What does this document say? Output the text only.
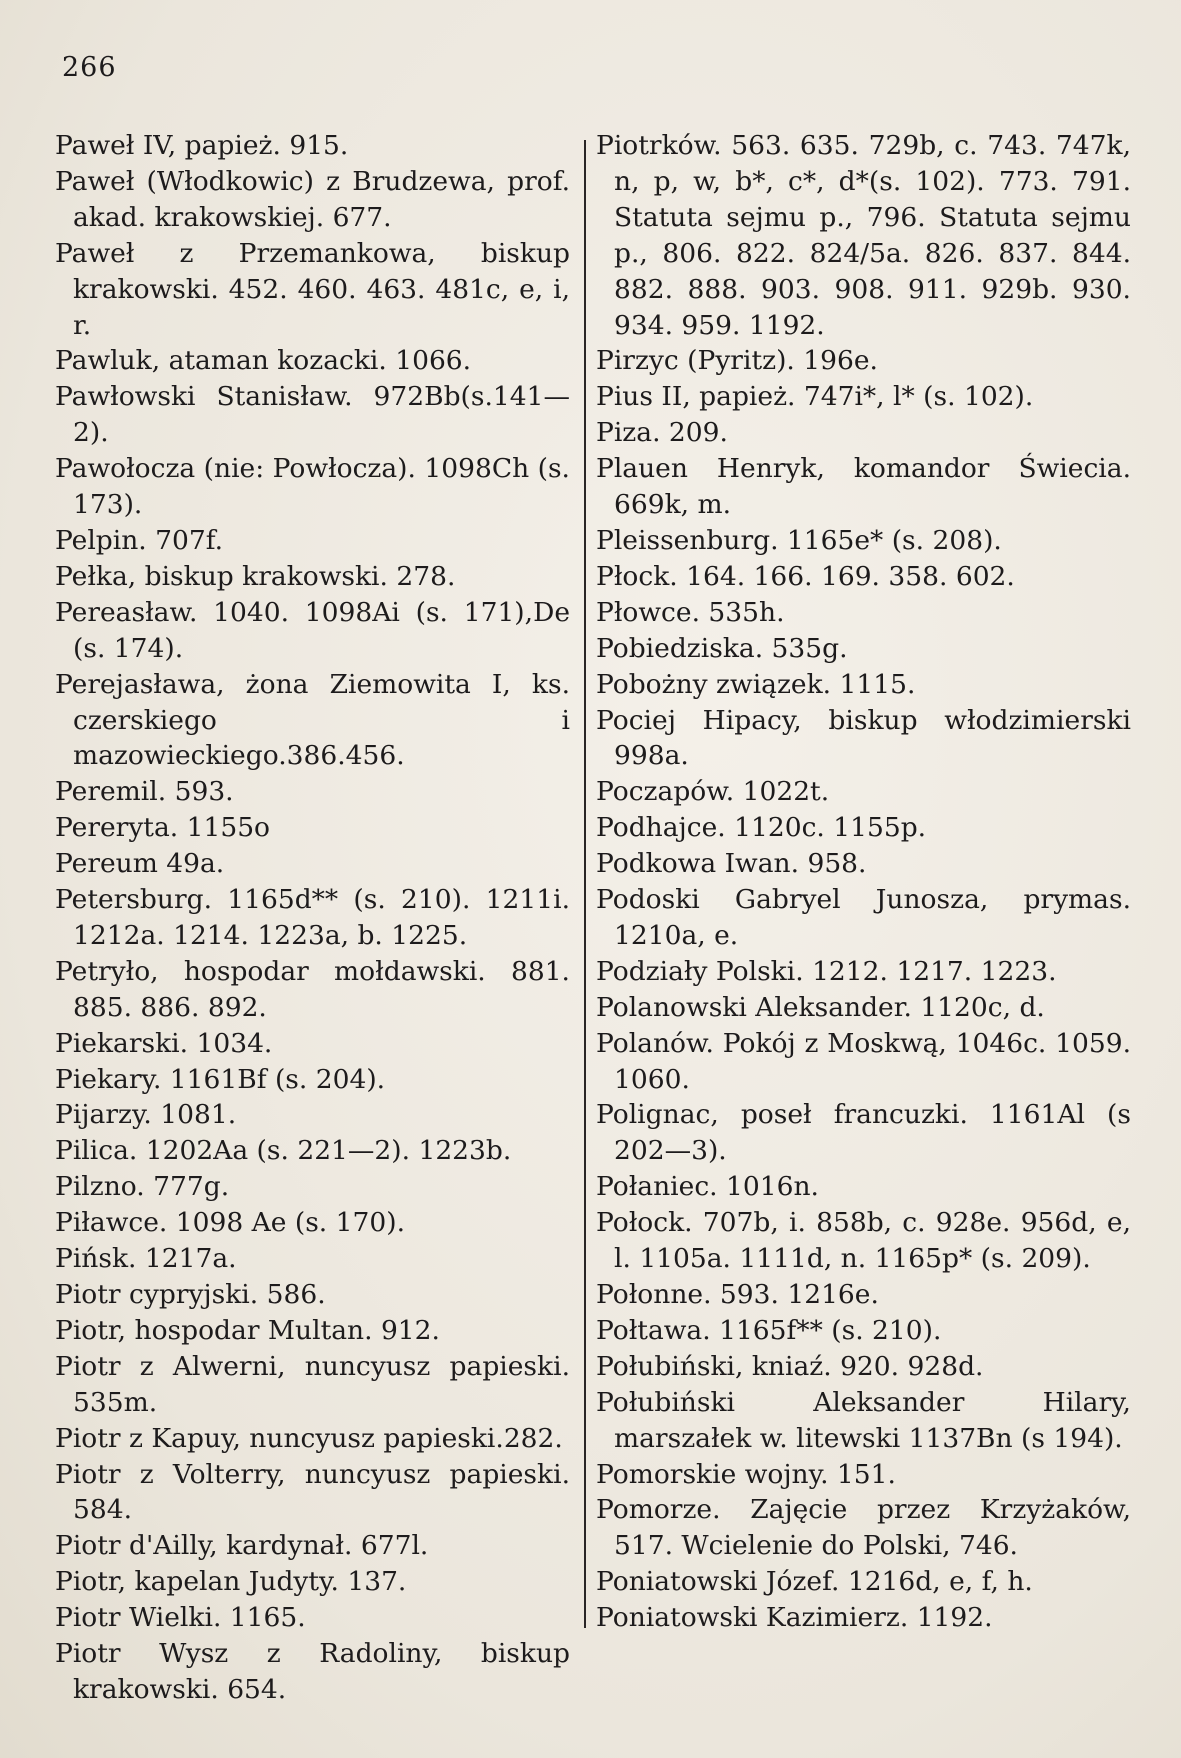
266

Paweł IV, papież. 915.

Paweł (Włodkowic) z Brudzewa, prof. akad. krakowskiej. 677.

Paweł z Przemankowa, biskup krakowski. 452. 460. 463. 481c, e, i, r.

Pawluk, ataman kozacki. 1066.

Pawłowski Stanisław. 972Bb(s.141—2).

Pawołocza (nie: Powłocza). 1098Ch (s. 173).

Pelpin. 707f.

Pełka, biskup krakowski. 278.

Pereasław. 1040. 1098Ai (s. 171),De (s. 174).

Perejasława, żona Ziemowita I, ks. czerskiego i mazowieckiego.386.456.

Peremil. 593.

Pereryta. 1155o

Pereum 49a.

Petersburg. 1165d** (s. 210). 1211i. 1212a. 1214. 1223a, b. 1225.

Petryło, hospodar mołdawski. 881. 885. 886. 892.

Piekarski. 1034.

Piekary. 1161Bf (s. 204).

Pijarzy. 1081.

Pilica. 1202Aa (s. 221—2). 1223b.

Pilzno. 777g.

Piławce. 1098 Ae (s. 170).

Pińsk. 1217a.

Piotr cypryjski. 586.

Piotr, hospodar Multan. 912.

Piotr z Alwerni, nuncyusz papieski. 535m.

Piotr z Kapuy, nuncyusz papieski.282.

Piotr z Volterry, nuncyusz papieski. 584.

Piotr d'Ailly, kardynał. 677l.

Piotr, kapelan Judyty. 137.

Piotr Wielki. 1165.

Piotr Wysz z Radoliny, biskup krakowski. 654.

Piotrków. 563. 635. 729b, c. 743. 747k, n, p, w, b*, c*, d*(s. 102). 773. 791. Statuta sejmu p., 796. Statuta sejmu p., 806. 822. 824/5a. 826. 837. 844. 882. 888. 903. 908. 911. 929b. 930. 934. 959. 1192.

Pirzyc (Pyritz). 196e.

Pius II, papież. 747i*, l* (s. 102).

Piza. 209.

Plauen Henryk, komandor Świecia. 669k, m.

Pleissenburg. 1165e* (s. 208).

Płock. 164. 166. 169. 358. 602.

Płowce. 535h.

Pobiedziska. 535g.

Pobożny związek. 1115.

Pociej Hipacy, biskup włodzimierski 998a.

Poczapów. 1022t.

Podhajce. 1120c. 1155p.

Podkowa Iwan. 958.

Podoski Gabryel Junosza, prymas. 1210a, e.

Podziały Polski. 1212. 1217. 1223.

Polanowski Aleksander. 1120c, d.

Polanów. Pokój z Moskwą, 1046c. 1059. 1060.

Polignac, poseł francuzki. 1161Al (s 202—3).

Połaniec. 1016n.

Połock. 707b, i. 858b, c. 928e. 956d, e, l. 1105a. 1111d, n. 1165p* (s. 209).

Połonne. 593. 1216e.

Połtawa. 1165f** (s. 210).

Połubiński, kniaź. 920. 928d.

Połubiński Aleksander Hilary, marszałek w. litewski 1137Bn (s 194).

Pomorskie wojny. 151.

Pomorze. Zajęcie przez Krzyżaków, 517. Wcielenie do Polski, 746.

Poniatowski Józef. 1216d, e, f, h.

Poniatowski Kazimierz. 1192.
